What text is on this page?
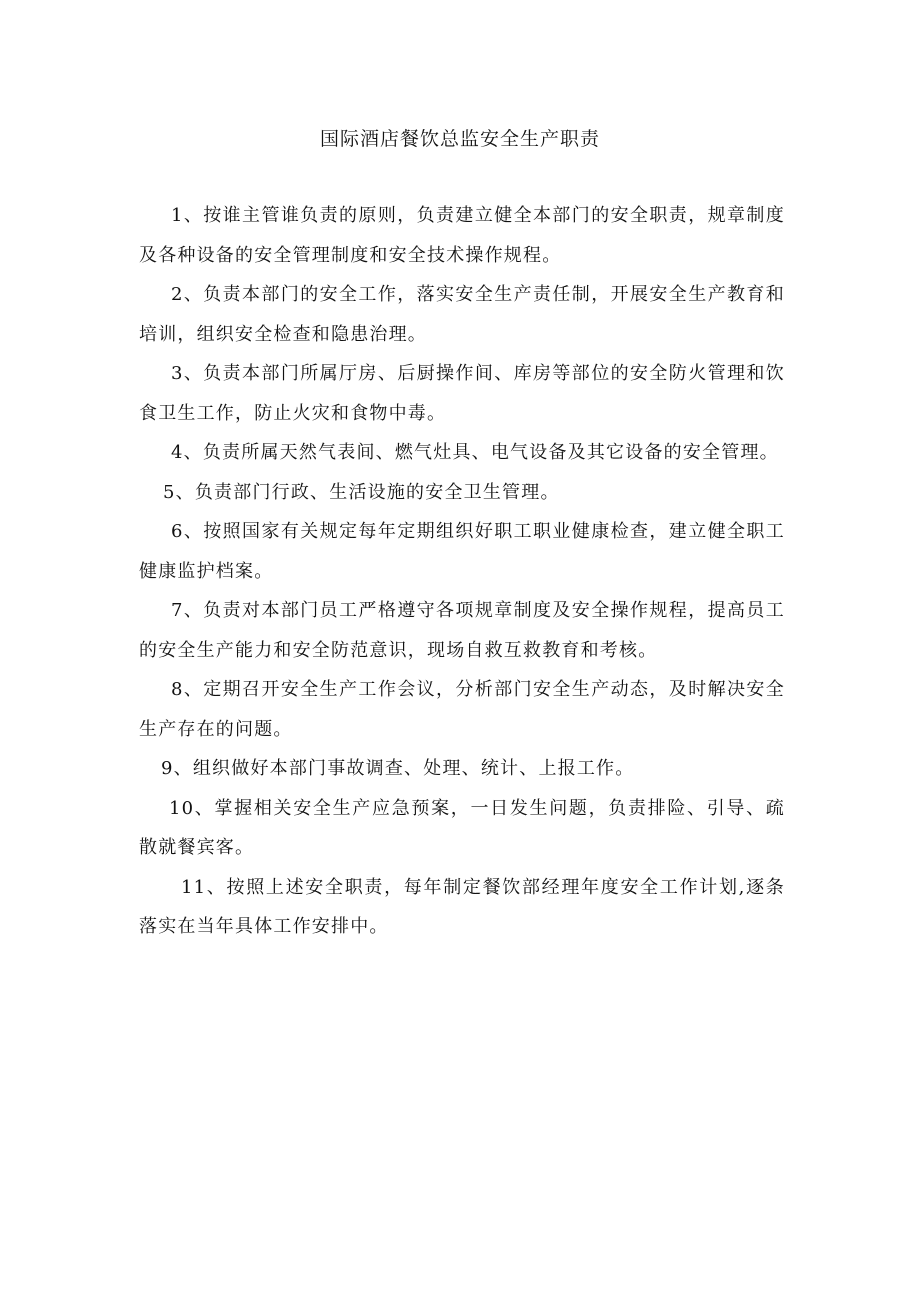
国际酒店餐饮总监安全生产职责

1、按谁主管谁负责的原则，负责建立健全本部门的安全职责，规章制度及各种设备的安全管理制度和安全技术操作规程。

2、负责本部门的安全工作，落实安全生产责任制，开展安全生产教育和培训，组织安全检查和隐患治理。

3、负责本部门所属厅房、后厨操作间、库房等部位的安全防火管理和饮食卫生工作，防止火灾和食物中毒。

4、负责所属天然气表间、燃气灶具、电气设备及其它设备的安全管理。

5、负责部门行政、生活设施的安全卫生管理。

6、按照国家有关规定每年定期组织好职工职业健康检查，建立健全职工健康监护档案。

7、负责对本部门员工严格遵守各项规章制度及安全操作规程，提高员工的安全生产能力和安全防范意识，现场自救互救教育和考核。

8、定期召开安全生产工作会议，分析部门安全生产动态，及时解决安全生产存在的问题。

9、组织做好本部门事故调查、处理、统计、上报工作。

10、掌握相关安全生产应急预案，一日发生问题，负责排险、引导、疏散就餐宾客。

11、按照上述安全职责，每年制定餐饮部经理年度安全工作计划,逐条落实在当年具体工作安排中。
